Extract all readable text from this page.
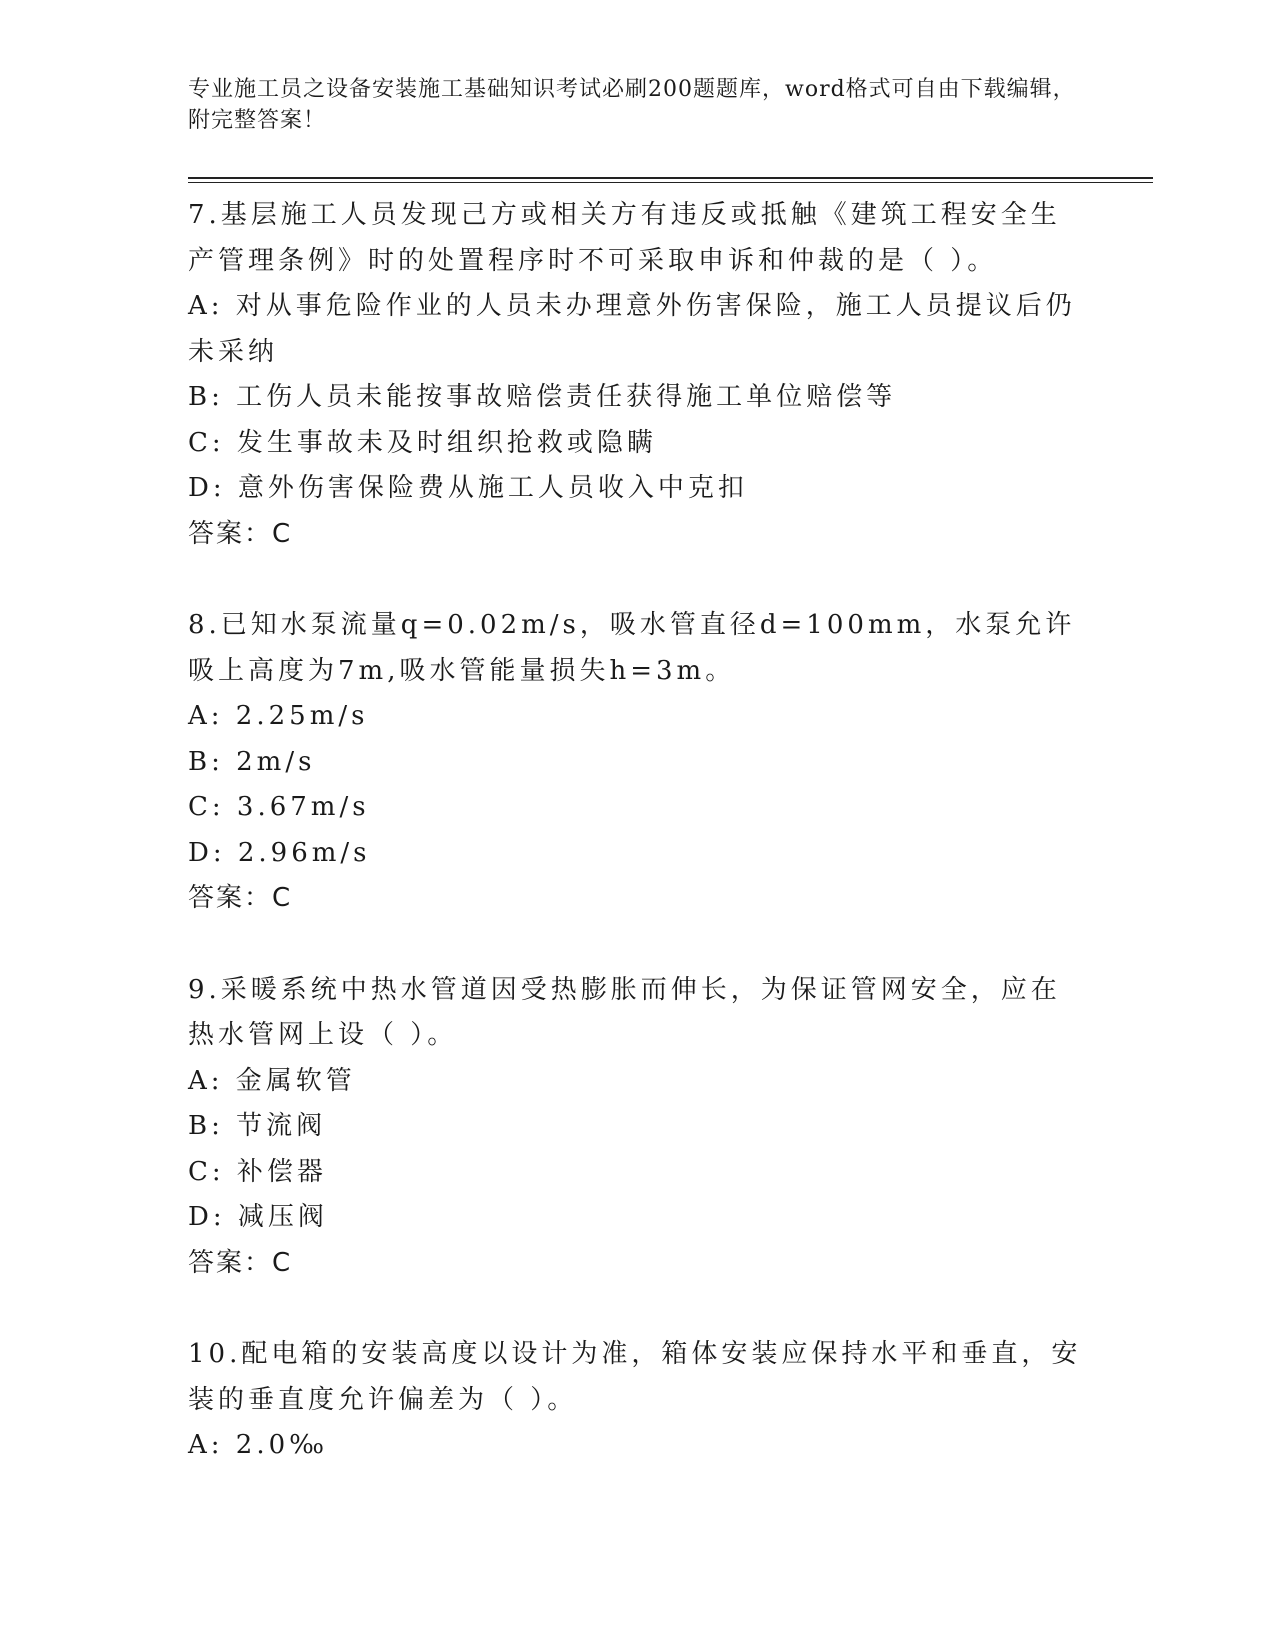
专业施工员之设备安装施工基础知识考试必刷200题题库，word格式可自由下载编辑，附完整答案！
7.基层施工人员发现己方或相关方有违反或抵触《建筑工程安全生产管理条例》时的处置程序时不可采取申诉和仲裁的是（ ）。
A: 对从事危险作业的人员未办理意外伤害保险，施工人员提议后仍未采纳
B: 工伤人员未能按事故赔偿责任获得施工单位赔偿等
C: 发生事故未及时组织抢救或隐瞒
D: 意外伤害保险费从施工人员收入中克扣
答案：C
8.已知水泵流量q=0.02m/s，吸水管直径d=100mm，水泵允许吸上高度为7m,吸水管能量损失h=3m。
A: 2.25m/s
B: 2m/s
C: 3.67m/s
D: 2.96m/s
答案：C
9.采暖系统中热水管道因受热膨胀而伸长，为保证管网安全，应在热水管网上设（ ）。
A: 金属软管
B: 节流阀
C: 补偿器
D: 减压阀
答案：C
10.配电箱的安装高度以设计为准，箱体安装应保持水平和垂直，安装的垂直度允许偏差为（ ）。
A: 2.0‰
